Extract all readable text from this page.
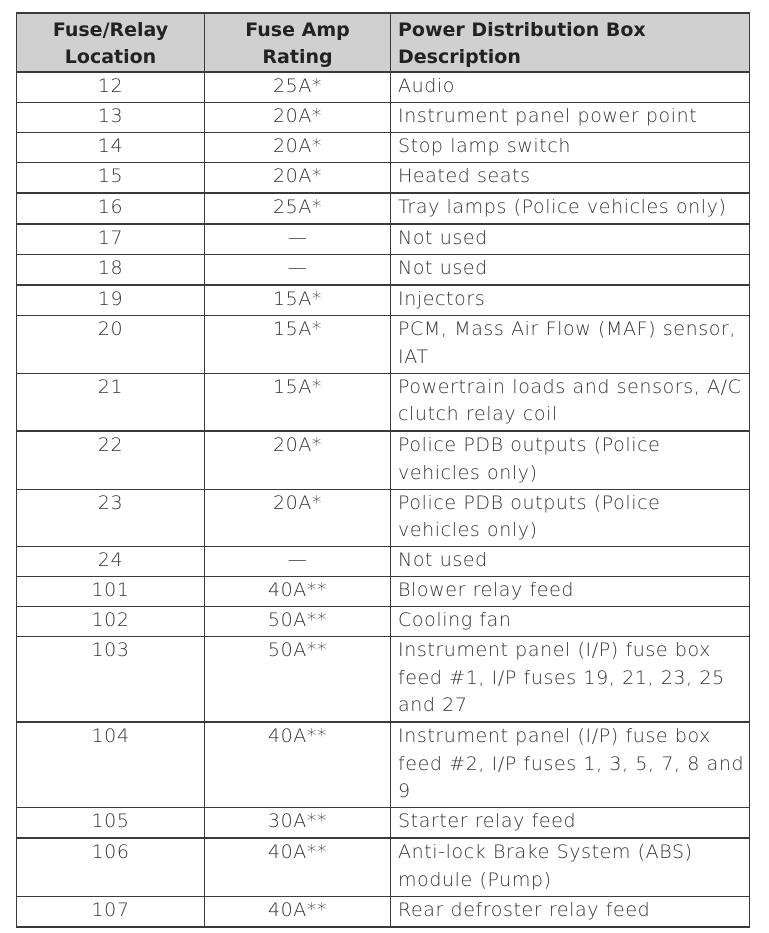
Fuse/Relay Location	Fuse Amp Rating	Power Distribution Box Description
12	25A*	Audio
13	20A*	Instrument panel power point
14	20A*	Stop lamp switch
15	20A*	Heated seats
16	25A*	Tray lamps (Police vehicles only)
17	—	Not used
18	—	Not used
19	15A*	Injectors
20	15A*	PCM, Mass Air Flow (MAF) sensor, IAT
21	15A*	Powertrain loads and sensors, A/C clutch relay coil
22	20A*	Police PDB outputs (Police vehicles only)
23	20A*	Police PDB outputs (Police vehicles only)
24	—	Not used
101	40A**	Blower relay feed
102	50A**	Cooling fan
103	50A**	Instrument panel (I/P) fuse box feed #1, I/P fuses 19, 21, 23, 25 and 27
104	40A**	Instrument panel (I/P) fuse box feed #2, I/P fuses 1, 3, 5, 7, 8 and 9
105	30A**	Starter relay feed
106	40A**	Anti-lock Brake System (ABS) module (Pump)
107	40A**	Rear defroster relay feed
